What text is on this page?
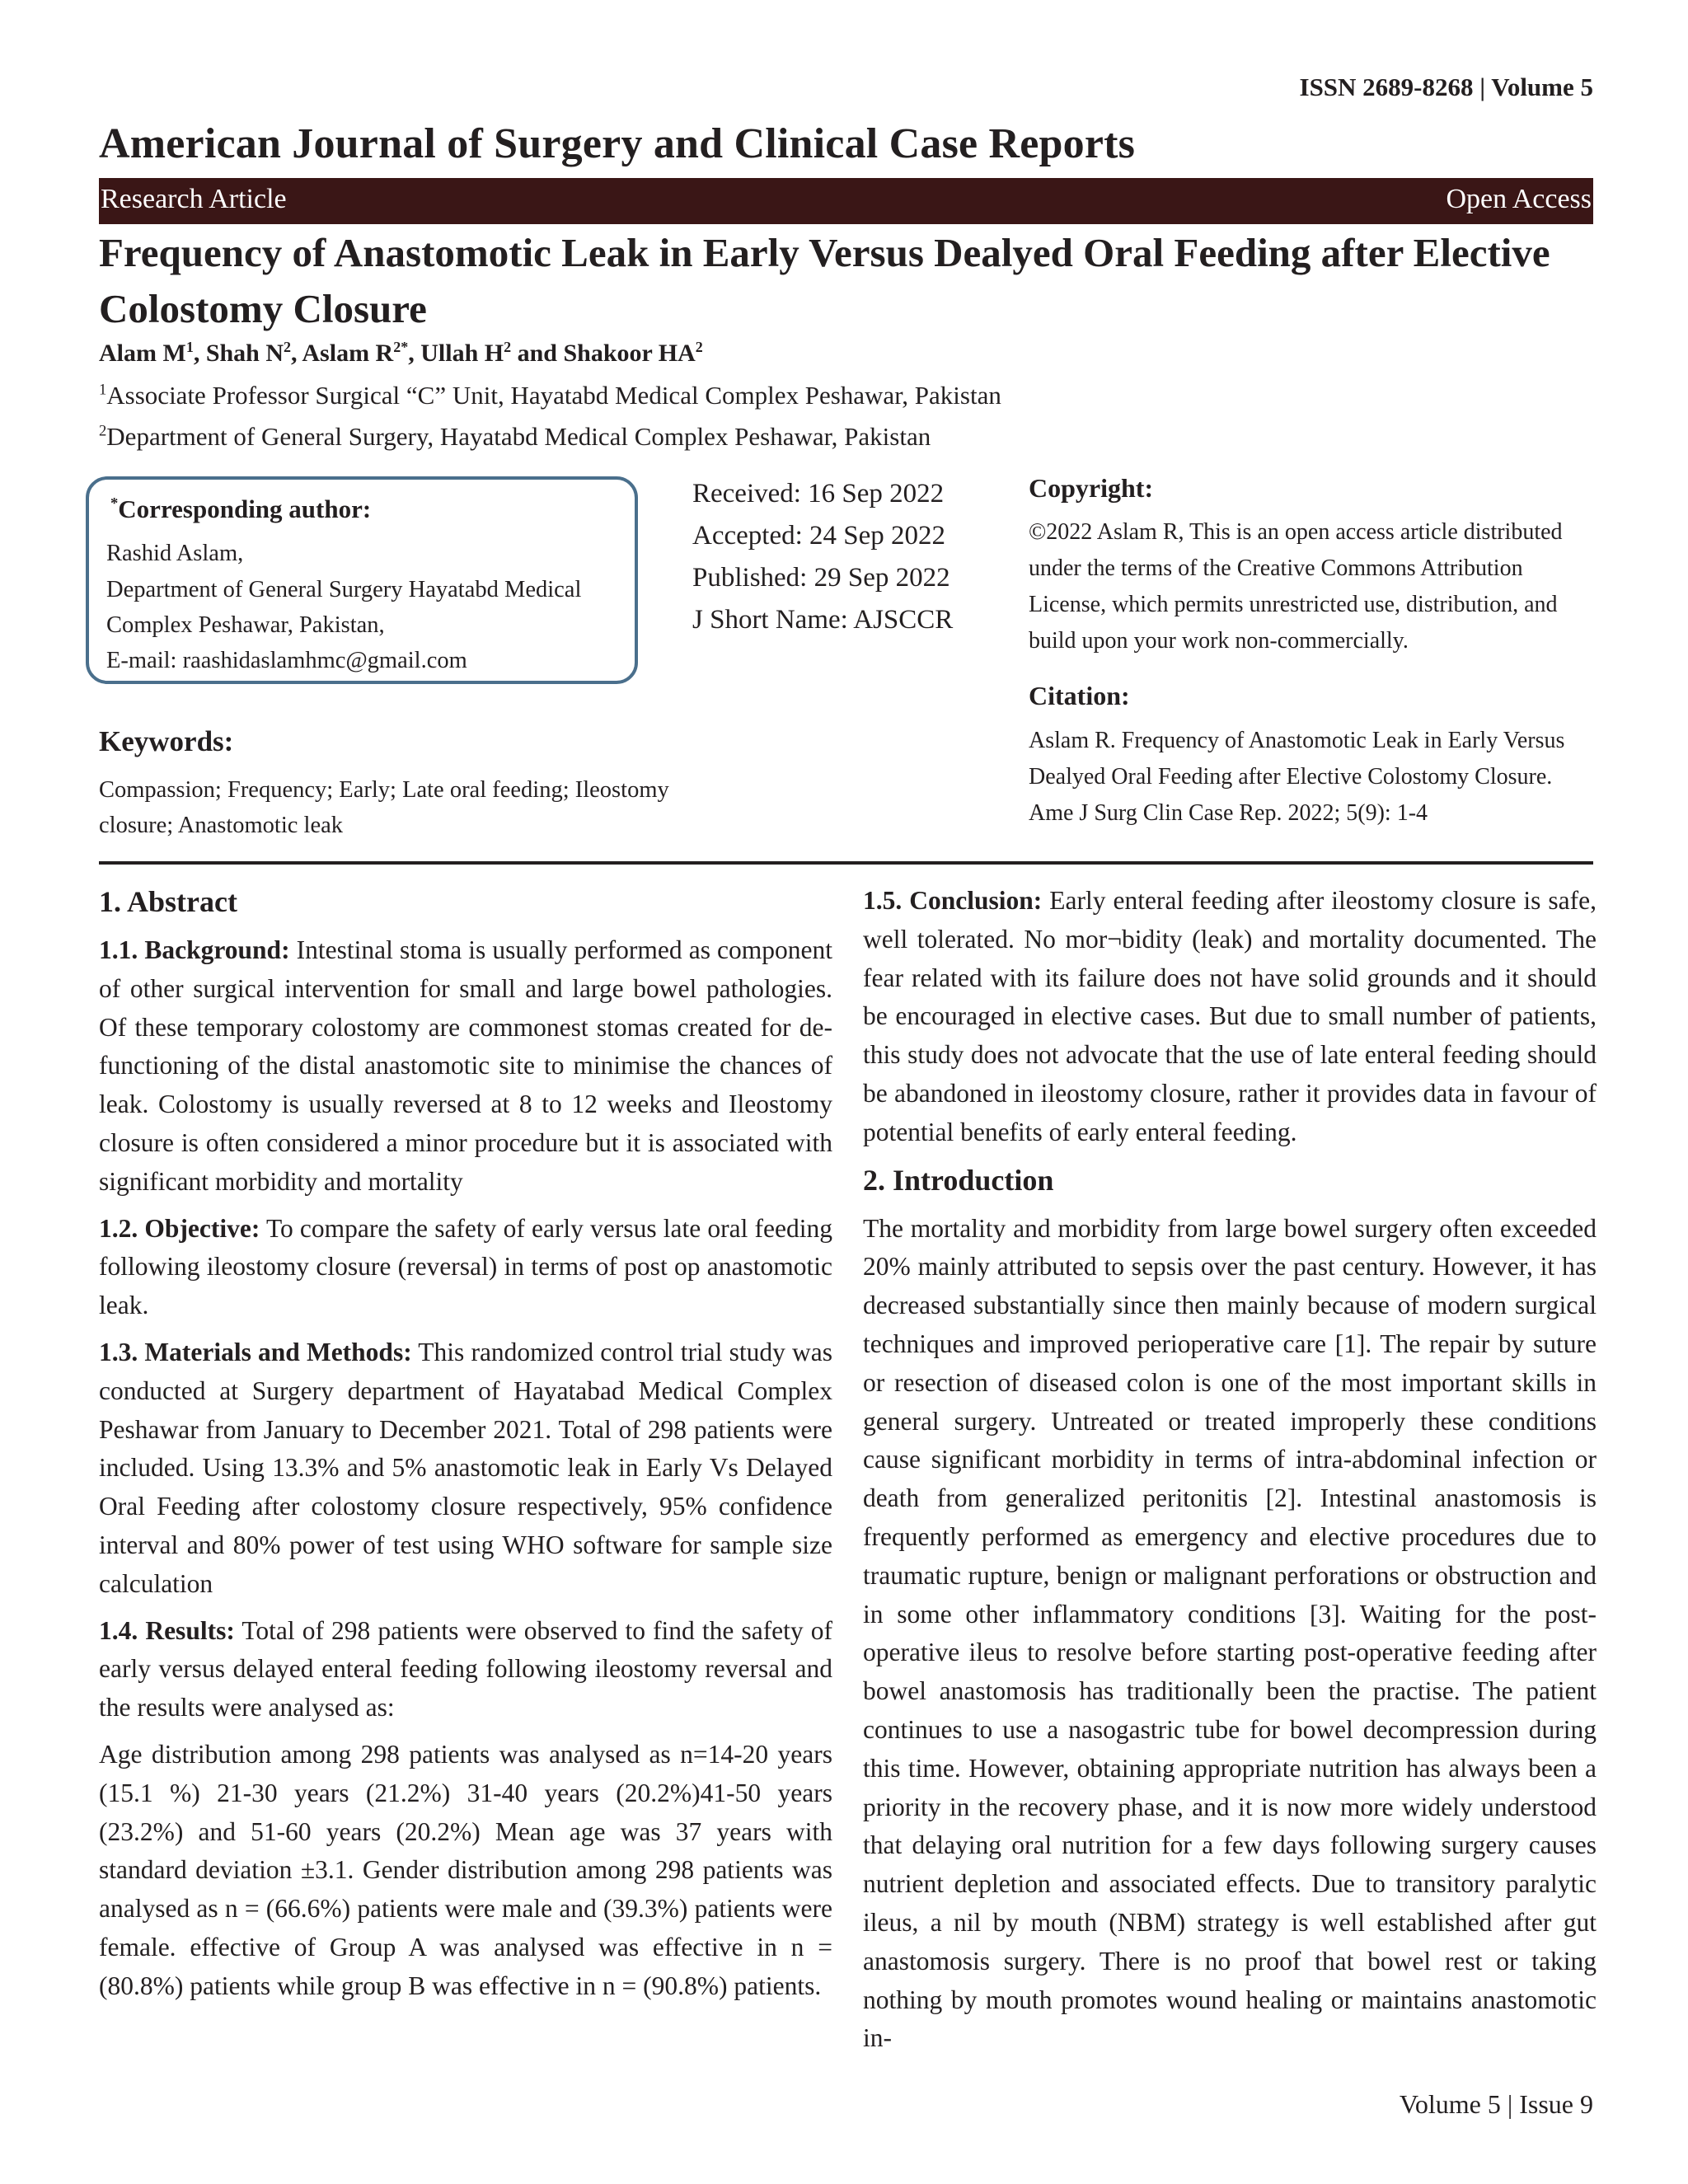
ISSN 2689-8268 | Volume 5
American Journal of Surgery and Clinical Case Reports
Research Article	Open Access
Frequency of Anastomotic Leak in Early Versus Dealyed Oral Feeding after Elective Colostomy Closure
Alam $M^1$, Shah $N^2$, Aslam $R^{2*}$, Ullah $H^2$ and Shakoor $HA^2$
$^1$Associate Professor Surgical “C” Unit, Hayatabd Medical Complex Peshawar, Pakistan
$^2$Department of General Surgery, Hayatabd Medical Complex Peshawar, Pakistan
*Corresponding author:
Rashid Aslam,
Department of General Surgery Hayatabd Medical
Complex Peshawar, Pakistan,
E-mail: raashidaslamhmc@gmail.com
Received: 16 Sep 2022
Accepted: 24 Sep 2022
Published: 29 Sep 2022
J Short Name: AJSCCR
Copyright:
©2022 Aslam R, This is an open access article distributed under the terms of the Creative Commons Attribution License, which permits unrestricted use, distribution, and build upon your work non-commercially.
Citation:
Aslam R. Frequency of Anastomotic Leak in Early Versus Dealyed Oral Feeding after Elective Colostomy Closure. Ame J Surg Clin Case Rep. 2022; 5(9): 1-4
Keywords:
Compassion; Frequency; Early; Late oral feeding; Ileostomy closure; Anastomotic leak
1. Abstract

1.1. Background: Intestinal stoma is usually performed as component of other surgical intervention for small and large bowel pathologies. Of these temporary colostomy are commonest stomas created for de-functioning of the distal anastomotic site to minimise the chances of leak. Colostomy is usually reversed at 8 to 12 weeks and Ileostomy closure is often considered a minor procedure but it is associated with significant morbidity and mortality

1.2. Objective: To compare the safety of early versus late oral feeding following ileostomy closure (reversal) in terms of post op anastomotic leak.

1.3. Materials and Methods: This randomized control trial study was conducted at Surgery department of Hayatabad Medical Complex Peshawar from January to December 2021. Total of 298 patients were included. Using 13.3% and 5% anastomotic leak in Early Vs Delayed Oral Feeding after colostomy closure respectively, 95% confidence interval and 80% power of test using WHO software for sample size calculation

1.4. Results: Total of 298 patients were observed to find the safety of early versus delayed enteral feeding following ileostomy reversal and the results were analysed as:

Age distribution among 298 patients was analysed as n=14-20 years (15.1 %) 21-30 years (21.2%) 31-40 years (20.2%)41-50 years (23.2%) and 51-60 years (20.2%) Mean age was 37 years with standard deviation ±3.1. Gender distribution among 298 patients was analysed as n = (66.6%) patients were male and (39.3%) patients were female. effective of Group A was analysed was effective in n = (80.8%) patients while group B was effective in n = (90.8%) patients.

1.5. Conclusion: Early enteral feeding after ileostomy closure is safe, well tolerated. No mor¬bidity (leak) and mortality documented. The fear related with its failure does not have solid grounds and it should be encouraged in elective cases. But due to small number of patients, this study does not advocate that the use of late enteral feeding should be abandoned in ileostomy closure, rather it provides data in favour of potential benefits of early enteral feeding.

2. Introduction

The mortality and morbidity from large bowel surgery often exceeded 20% mainly attributed to sepsis over the past century. However, it has decreased substantially since then mainly because of modern surgical techniques and improved perioperative care [1]. The repair by suture or resection of diseased colon is one of the most important skills in general surgery. Untreated or treated improperly these conditions cause significant morbidity in terms of intra-abdominal infection or death from generalized peritonitis [2]. Intestinal anastomosis is frequently performed as emergency and elective procedures due to traumatic rupture, benign or malignant perforations or obstruction and in some other inflammatory conditions [3]. Waiting for the post-operative ileus to resolve before starting post-operative feeding after bowel anastomosis has traditionally been the practise. The patient continues to use a nasogastric tube for bowel decompression during this time. However, obtaining appropriate nutrition has always been a priority in the recovery phase, and it is now more widely understood that delaying oral nutrition for a few days following surgery causes nutrient depletion and associated effects. Due to transitory paralytic ileus, a nil by mouth (NBM) strategy is well established after gut anastomosis surgery. There is no proof that bowel rest or taking nothing by mouth promotes wound healing or maintains anastomotic in-

Volume 5 | Issue 9
